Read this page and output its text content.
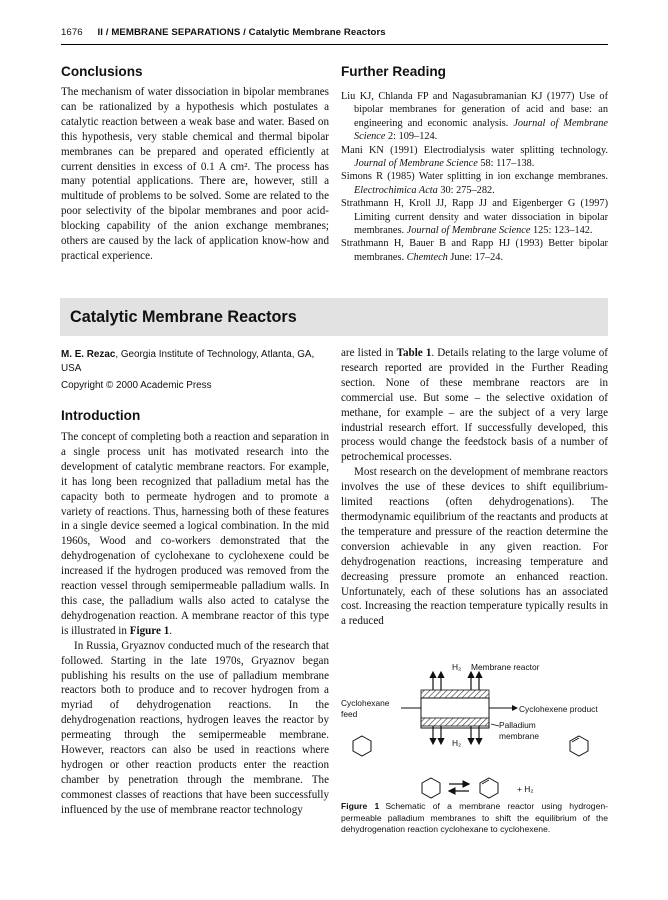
1676 II / MEMBRANE SEPARATIONS / Catalytic Membrane Reactors
Conclusions

The mechanism of water dissociation in bipolar membranes can be rationalized by a hypothesis which postulates a catalytic reaction between a weak base and water. Based on this hypothesis, very stable chemical and thermal bipolar membranes can be prepared and operated efficiently at current densities in excess of 0.1 A cm². The process has many potential applications. There are, however, still a multitude of problems to be solved. Some are related to the poor selectivity of the bipolar membranes and poor acid-blocking capability of the anion exchange membranes; others are caused by the lack of application know-how and practical experience.

Further Reading
Liu KJ, Chlanda FP and Nagasubramanian KJ (1977) Use of bipolar membranes for generation of acid and base: an engineering and economic analysis. Journal of Membrane Science 2: 109–124.
Mani KN (1991) Electrodialysis water splitting technology. Journal of Membrane Science 58: 117–138.
Simons R (1985) Water splitting in ion exchange membranes. Electrochimica Acta 30: 275–282.
Strathmann H, Kroll JJ, Rapp JJ and Eigenberger G (1997) Limiting current density and water dissociation in bipolar membranes. Journal of Membrane Science 125: 123–142.
Strathmann H, Bauer B and Rapp HJ (1993) Better bipolar membranes. Chemtech June: 17–24.
Catalytic Membrane Reactors
M. E. Rezac, Georgia Institute of Technology, Atlanta, GA, USA
Copyright © 2000 Academic Press
Introduction

The concept of completing both a reaction and separation in a single process unit has motivated research into the development of catalytic membrane reactors. For example, it has long been recognized that palladium metal has the capacity both to permeate hydrogen and to promote a variety of reactions. Thus, harnessing both of these features in a single device seemed a logical combination. In the mid 1960s, Wood and co-workers demonstrated that the dehydrogenation of cyclohexane to cyclohexene could be increased if the hydrogen produced was removed from the reaction vessel through semipermeable palladium walls. In this case, the palladium walls also acted to catalyse the dehydrogenation reaction. A membrane reactor of this type is illustrated in Figure 1.

In Russia, Gryaznov conducted much of the research that followed. Starting in the late 1970s, Gryaznov began publishing his results on the use of palladium membrane reactors both to produce and to recover hydrogen from a myriad of dehydrogenation reactions. In the dehydrogenation reactions, hydrogen leaves the reactor by permeating through the semipermeable membrane. However, reactors can also be used in reactions where hydrogen or other reaction products enter the reaction chamber by penetration through the membrane. The commonest classes of reactions that have been successfully influenced by the use of membrane reactor technology

are listed in Table 1. Details relating to the large volume of research reported are provided in the Further Reading section. None of these membrane reactors are in commercial use. But some – the selective oxidation of methane, for example – are the subject of a very large industrial research effort. If successfully developed, this process would change the feedstock basis of a number of petrochemical processes.

Most research on the development of membrane reactors involves the use of these devices to shift equilibrium-limited reactions (often dehydrogenations). The thermodynamic equilibrium of the reactants and products at the temperature and pressure of the reaction determine the conversion achievable in any given reaction. For dehydrogenation reactions, increasing temperature and decreasing pressure promote an enhanced reaction. Unfortunately, each of these solutions has an associated cost. Increasing the reaction temperature typically results in a reduced

H₂ Membrane reactor
Cyclohexane
feed	Cyclohexene product
Palladium
membrane
H₂
+ H₂
Figure 1 Schematic of a membrane reactor using hydrogen-permeable palladium membranes to shift the equilibrium of the dehydrogenation reaction cyclohexane to cyclohexene.
